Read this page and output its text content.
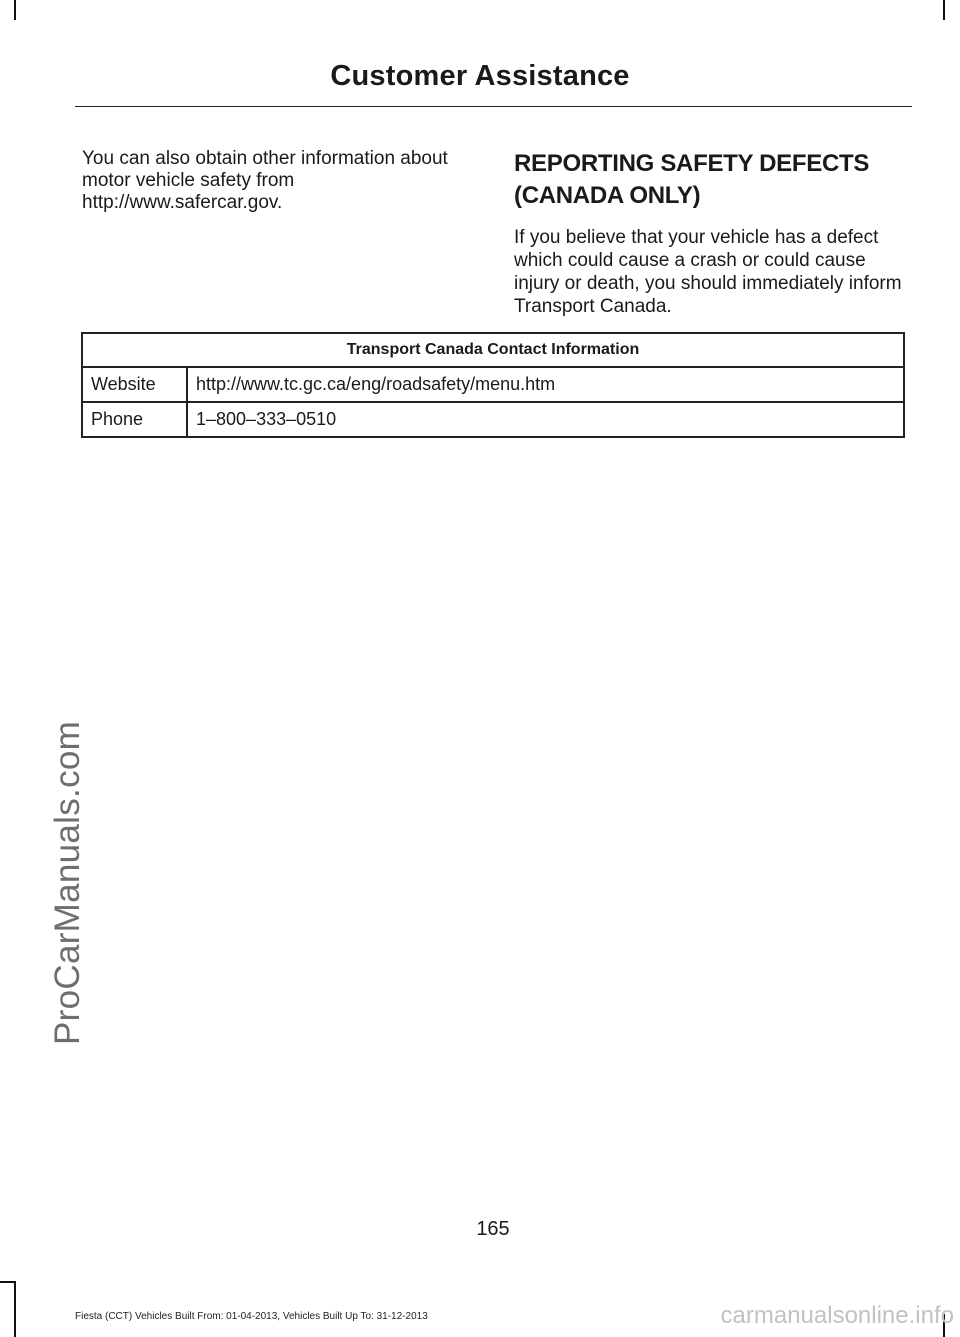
Customer Assistance
You can also obtain other information about motor vehicle safety from http://www.safercar.gov.
REPORTING SAFETY DEFECTS
(CANADA ONLY)
If you believe that your vehicle has a defect which could cause a crash or could cause injury or death, you should immediately inform Transport Canada.
Transport Canada Contact Information	
Website	http://www.tc.gc.ca/eng/roadsafety/menu.htm
Phone	1–800–333–0510
ProCarManuals.com
165
Fiesta (CCT) Vehicles Built From: 01-04-2013, Vehicles Built Up To: 31-12-2013	carmanualsonline.info
